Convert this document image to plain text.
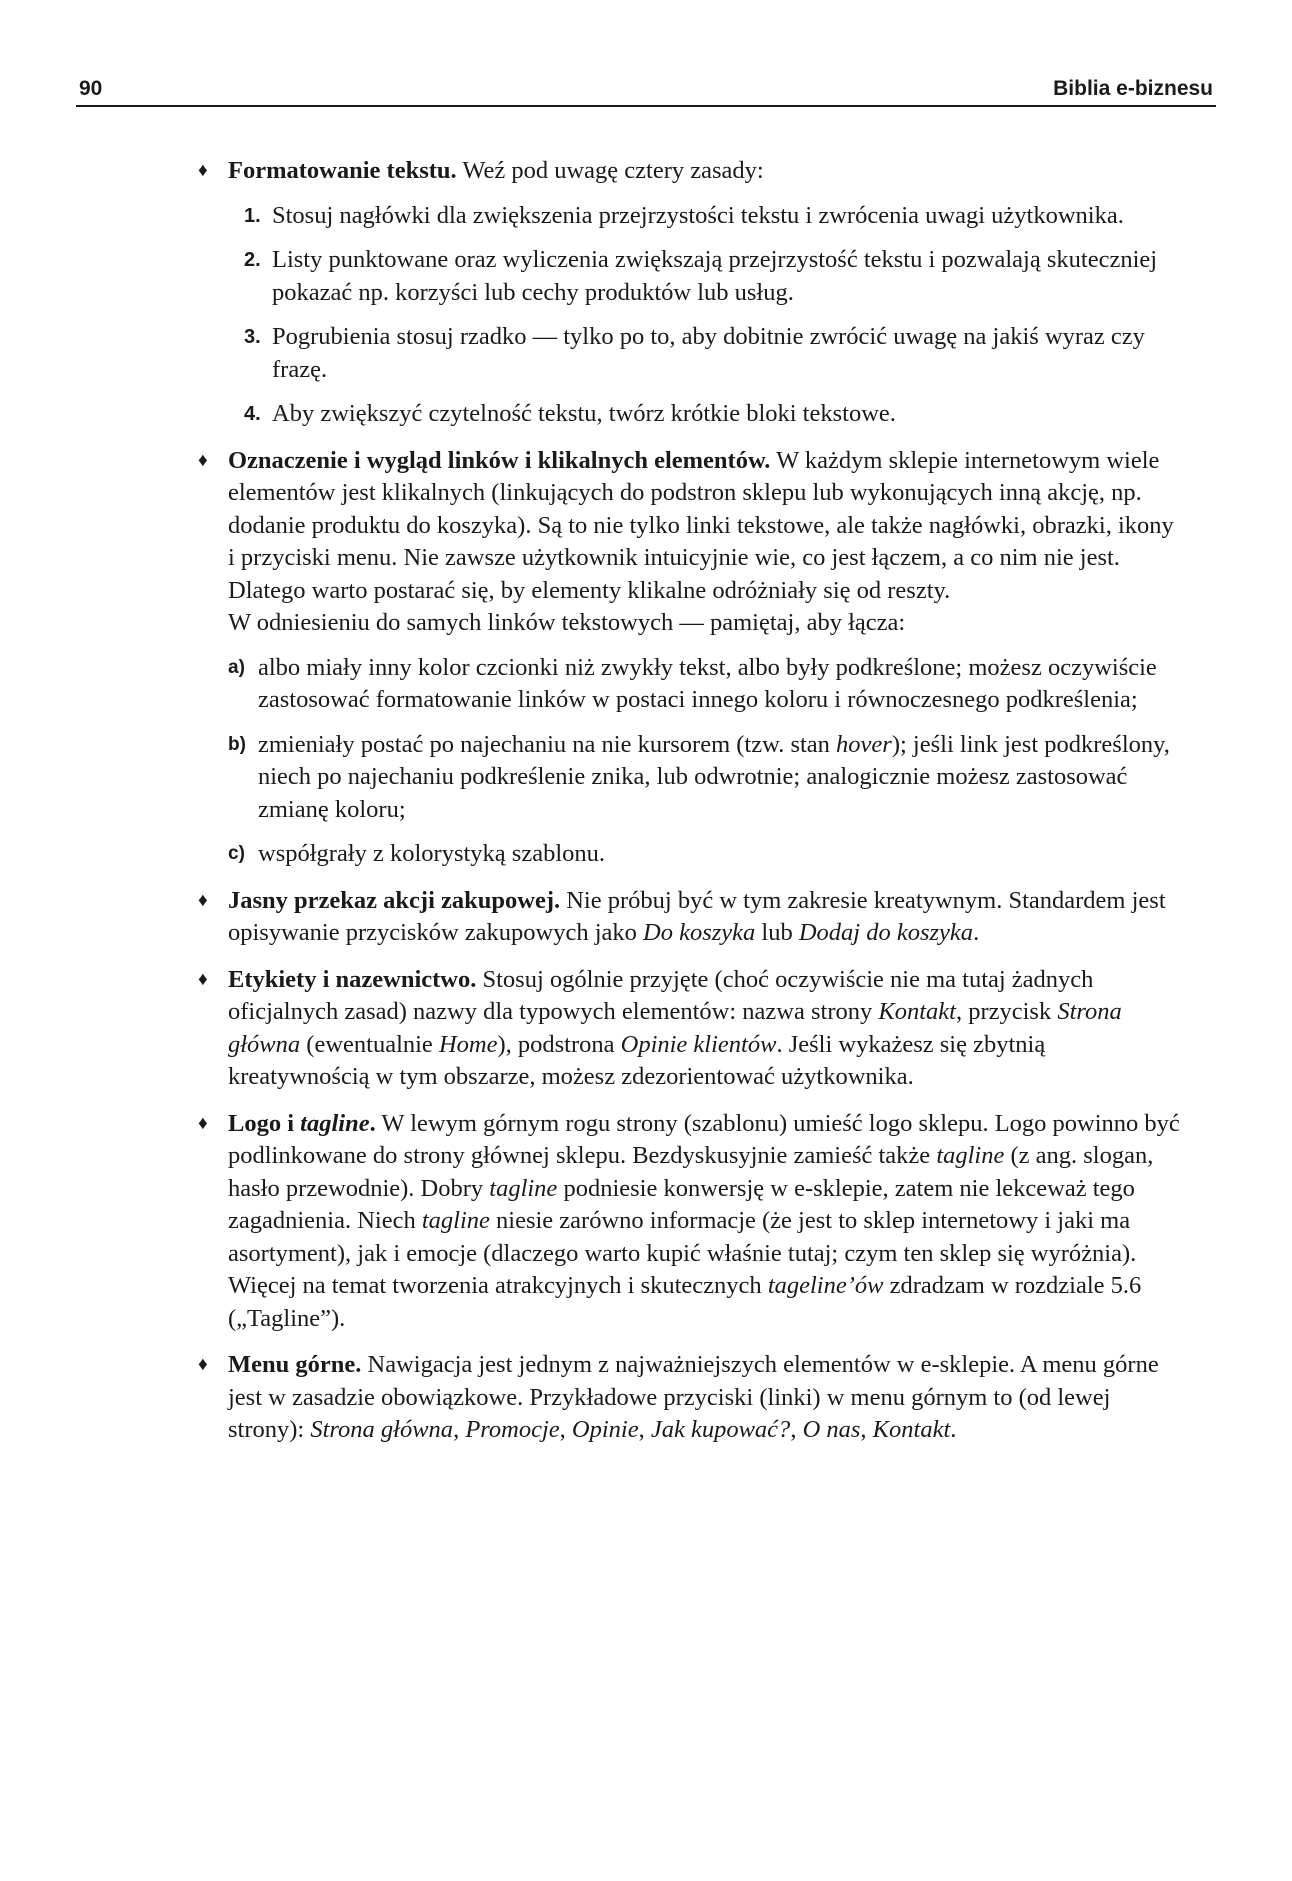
90	Biblia e-biznesu
♦ Formatowanie tekstu. Weź pod uwagę cztery zasady:

1. Stosuj nagłówki dla zwiększenia przejrzystości tekstu i zwrócenia uwagi użytkownika.
2. Listy punktowane oraz wyliczenia zwiększają przejrzystość tekstu i pozwalają skuteczniej pokazać np. korzyści lub cechy produktów lub usług.
3. Pogrubienia stosuj rzadko — tylko po to, aby dobitnie zwrócić uwagę na jakiś wyraz czy frazę.
4. Aby zwiększyć czytelność tekstu, twórz krótkie bloki tekstowe.
♦ Oznaczenie i wygląd linków i klikalnych elementów. W każdym sklepie internetowym wiele elementów jest klikalnych (linkujących do podstron sklepu lub wykonujących inną akcję, np. dodanie produktu do koszyka). Są to nie tylko linki tekstowe, ale także nagłówki, obrazki, ikony i przyciski menu. Nie zawsze użytkownik intuicyjnie wie, co jest łączem, a co nim nie jest. Dlatego warto postarać się, by elementy klikalne odróżniały się od reszty.

W odniesieniu do samych linków tekstowych — pamiętaj, aby łącza:

a) albo miały inny kolor czcionki niż zwykły tekst, albo były podkreślone; możesz oczywiście zastosować formatowanie linków w postaci innego koloru i równoczesnego podkreślenia;
b) zmieniały postać po najechaniu na nie kursorem (tzw. stan hover); jeśli link jest podkreślony, niech po najechaniu podkreślenie znika, lub odwrotnie; analogicznie możesz zastosować zmianę koloru;
c) współgrały z kolorystyką szablonu.
♦ Jasny przekaz akcji zakupowej. Nie próbuj być w tym zakresie kreatywnym. Standardem jest opisywanie przycisków zakupowych jako Do koszyka lub Dodaj do koszyka.

♦ Etykiety i nazewnictwo. Stosuj ogólnie przyjęte (choć oczywiście nie ma tutaj żadnych oficjalnych zasad) nazwy dla typowych elementów: nazwa strony Kontakt, przycisk Strona główna (ewentualnie Home), podstrona Opinie klientów. Jeśli wykażesz się zbytnią kreatywnością w tym obszarze, możesz zdezorientować użytkownika.

♦ Logo i tagline. W lewym górnym rogu strony (szablonu) umieść logo sklepu. Logo powinno być podlinkowane do strony głównej sklepu. Bezdyskusyjnie zamieść także tagline (z ang. slogan, hasło przewodnie). Dobry tagline podniesie konwersję w e-sklepie, zatem nie lekceważ tego zagadnienia. Niech tagline niesie zarówno informacje (że jest to sklep internetowy i jaki ma asortyment), jak i emocje (dlaczego warto kupić właśnie tutaj; czym ten sklep się wyróżnia). Więcej na temat tworzenia atrakcyjnych i skutecznych tageline’ów zdradzam w rozdziale 5.6 („Tagline”).

♦ Menu górne. Nawigacja jest jednym z najważniejszych elementów w e-sklepie. A menu górne jest w zasadzie obowiązkowe. Przykładowe przyciski (linki) w menu górnym to (od lewej strony): Strona główna, Promocje, Opinie, Jak kupować?, O nas, Kontakt.
